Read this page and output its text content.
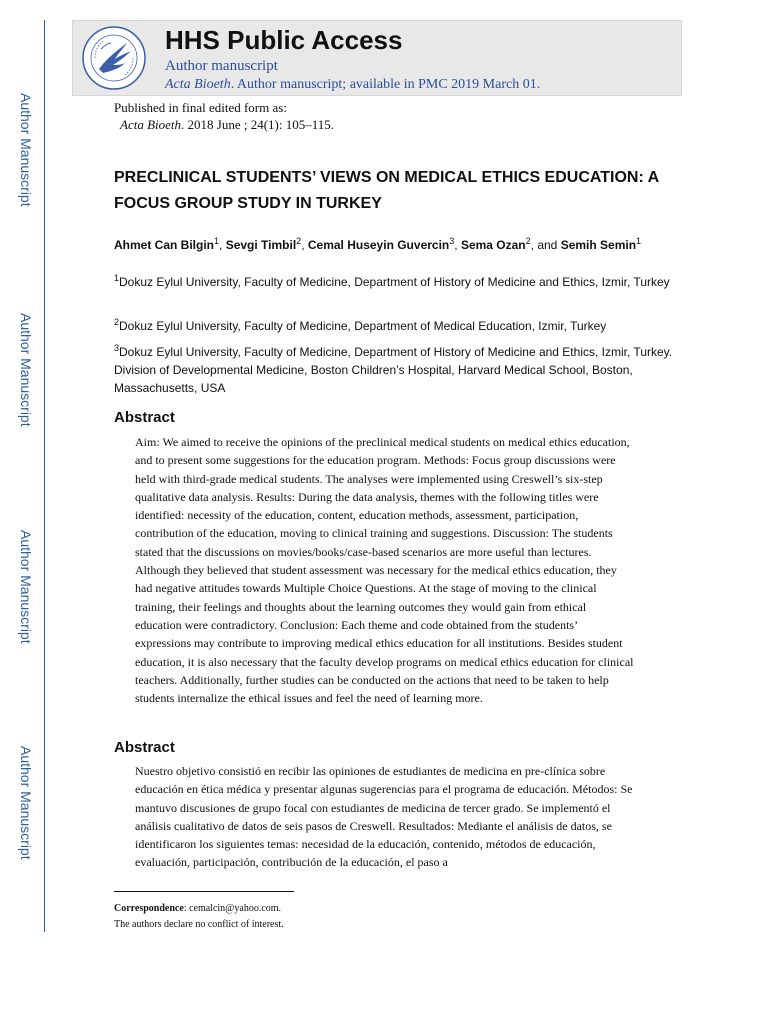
Author Manuscript
Author Manuscript
Author Manuscript
Author Manuscript
HHS Public Access
Author manuscript
Acta Bioeth. Author manuscript; available in PMC 2019 March 01.
Published in final edited form as:
Acta Bioeth. 2018 June ; 24(1): 105–115.
PRECLINICAL STUDENTS’ VIEWS ON MEDICAL ETHICS EDUCATION: A FOCUS GROUP STUDY IN TURKEY
Ahmet Can Bilgin$^1$, Sevgi Timbil$^2$, Cemal Huseyin Guvercin$^3$, Sema Ozan$^2$, and Semih Semin$^1$
$^1$Dokuz Eylul University, Faculty of Medicine, Department of History of Medicine and Ethics, Izmir, Turkey
$^2$Dokuz Eylul University, Faculty of Medicine, Department of Medical Education, Izmir, Turkey
$^3$Dokuz Eylul University, Faculty of Medicine, Department of History of Medicine and Ethics, Izmir, Turkey. Division of Developmental Medicine, Boston Children’s Hospital, Harvard Medical School, Boston, Massachusetts, USA
Abstract

Aim: We aimed to receive the opinions of the preclinical medical students on medical ethics education, and to present some suggestions for the education program. Methods: Focus group discussions were held with third-grade medical students. The analyses were implemented using Creswell’s six-step qualitative data analysis. Results: During the data analysis, themes with the following titles were identified: necessity of the education, content, education methods, assessment, participation, contribution of the education, moving to clinical training and suggestions. Discussion: The students stated that the discussions on movies/books/case-based scenarios are more useful than lectures. Although they believed that student assessment was necessary for the medical ethics education, they had negative attitudes towards Multiple Choice Questions. At the stage of moving to the clinical training, their feelings and thoughts about the learning outcomes they would gain from ethical education were contradictory. Conclusion: Each theme and code obtained from the students’ expressions may contribute to improving medical ethics education for all institutions. Besides student education, it is also necessary that the faculty develop programs on medical ethics education for clinical teachers. Additionally, further studies can be conducted on the actions that need to be taken to help students internalize the ethical issues and feel the need of learning more.

Abstract

Nuestro objetivo consistió en recibir las opiniones de estudiantes de medicina en pre-clínica sobre educación en ética médica y presentar algunas sugerencias para el programa de educación. Métodos: Se mantuvo discusiones de grupo focal con estudiantes de medicina de tercer grado. Se implementó el análisis cualitativo de datos de seis pasos de Creswell. Resultados: Mediante el análisis de datos, se identificaron los siguientes temas: necesidad de la educación, contenido, métodos de educación, evaluación, participación, contribución de la educación, el paso a

Correspondence: cemalcin@yahoo.com.
The authors declare no conflict of interest.
